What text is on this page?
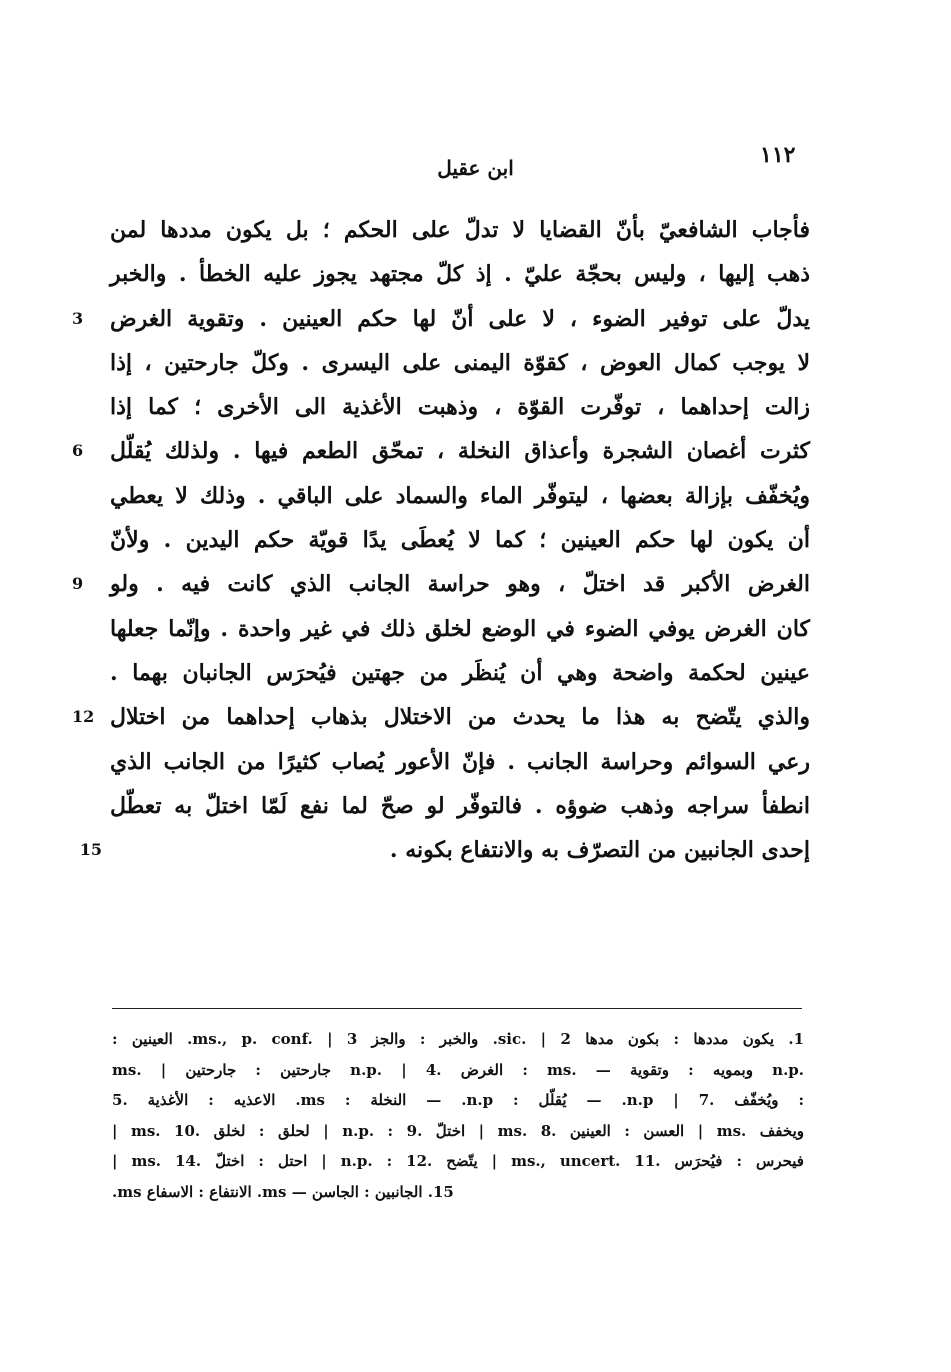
١١٢
ابن عقيل
فأجاب الشافعيّ بأنّ القضايا لا تدلّ على الحكم ؛ بل يكون مددها لمن
ذهب إليها ، وليس بحجّة عليّ . إذ كلّ مجتهد يجوز عليه الخطأ . والخبر
يدلّ على توفير الضوء ، لا على أنّ لها حكم العينين . وتقوية الغرض
3
لا يوجب كمال العوض ، كقوّة اليمنى على اليسرى . وكلّ جارحتين ، إذا
زالت إحداهما ، توفّرت القوّة ، وذهبت الأغذية الى الأخرى ؛ كما إذا
كثرت أغصان الشجرة وأعذاق النخلة ، تمحّق الطعم فيها . ولذلك يُقلّل
6
ويُخفّف بإزالة بعضها ، ليتوفّر الماء والسماد على الباقي . وذلك لا يعطي
أن يكون لها حكم العينين ؛ كما لا يُعطَى يدًا قويّة حكم اليدين . ولأنّ
الغرض الأكبر قد اختلّ ، وهو حراسة الجانب الذي كانت فيه . ولو
9
كان الغرض يوفي الضوء في الوضع لخلق ذلك في غير واحدة . وإنّما جعلها
عينين لحكمة واضحة وهي أن يُنظَر من جهتين فيُحرَس الجانبان بهما .
والذي يتّضح به هذا ما يحدث من الاختلال بذهاب إحداهما من اختلال
12
رعي السوائم وحراسة الجانب . فإنّ الأعور يُصاب كثيرًا من الجانب الذي
انطفأ سراجه وذهب ضوؤه . فالتوفّر لو صحّ لما نفع لَمّا اختلّ به تعطّل
إحدى الجانبين من التصرّف به والانتفاع بكونه .
15
1. يكون مددها : بكون مدها sic. | 2. والخبر : والجز ms., p. conf. | 3. العينين :
ms. | جارحتين : جارحتين n.p. | 4. الغرض : ms. — وبمويه : وتقوية n.p.
: ويُخفّف .7 | n.p. — يُقلّل : n.p. — النخلة : ms. الاعذيه : الأغذية .5
| ms. لحلق : لخلق .10 | n.p. : اختلّ .9 | ms. العسن : العينين .8 | ms. ويخفف
| ms. احتل : اختلّ .14 | n.p. : يتّضح .12 | ms., uncert. فيحرس : فيُحرَس .11
15. الجانبين : الجاسن — ms. الانتفاع : الاسفاع ms.
